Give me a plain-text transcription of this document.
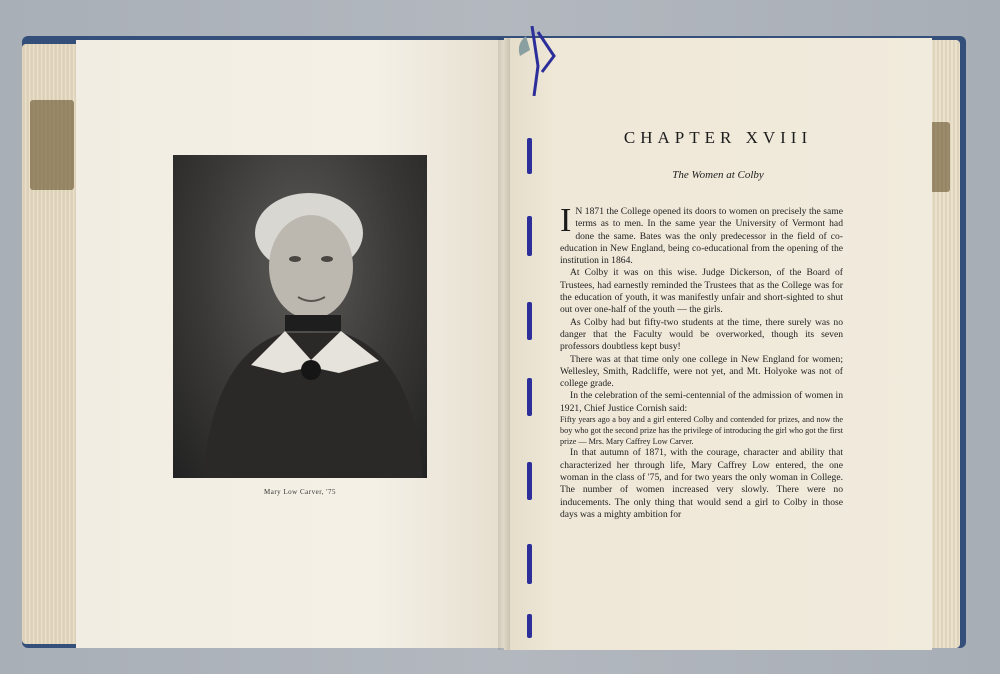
Mary Low Carver, '75
CHAPTER XVIII
The Women at Colby

I N 1871 the College opened its doors to women on precisely the same terms as to men. In the same year the University of Vermont had done the same. Bates was the only predecessor in the field of co-education in New England, being co-educational from the opening of the institution in 1864.

At Colby it was on this wise. Judge Dickerson, of the Board of Trustees, had earnestly reminded the Trustees that as the College was for the education of youth, it was manifestly unfair and short-sighted to shut out over one-half of the youth — the girls.

As Colby had but fifty-two students at the time, there surely was no danger that the Faculty would be overworked, though its seven professors doubtless kept busy!

There was at that time only one college in New England for women; Wellesley, Smith, Radcliffe, were not yet, and Mt. Holyoke was not of college grade.

In the celebration of the semi-centennial of the admission of women in 1921, Chief Justice Cornish said:

Fifty years ago a boy and a girl entered Colby and contended for prizes, and now the boy who got the second prize has the privilege of introducing the girl who got the first prize — Mrs. Mary Caffrey Low Carver.

In that autumn of 1871, with the courage, character and ability that characterized her through life, Mary Caffrey Low entered, the one woman in the class of '75, and for two years the only woman in College. The number of women increased very slowly. There were no inducements. The only thing that would send a girl to Colby in those days was a mighty ambition for
